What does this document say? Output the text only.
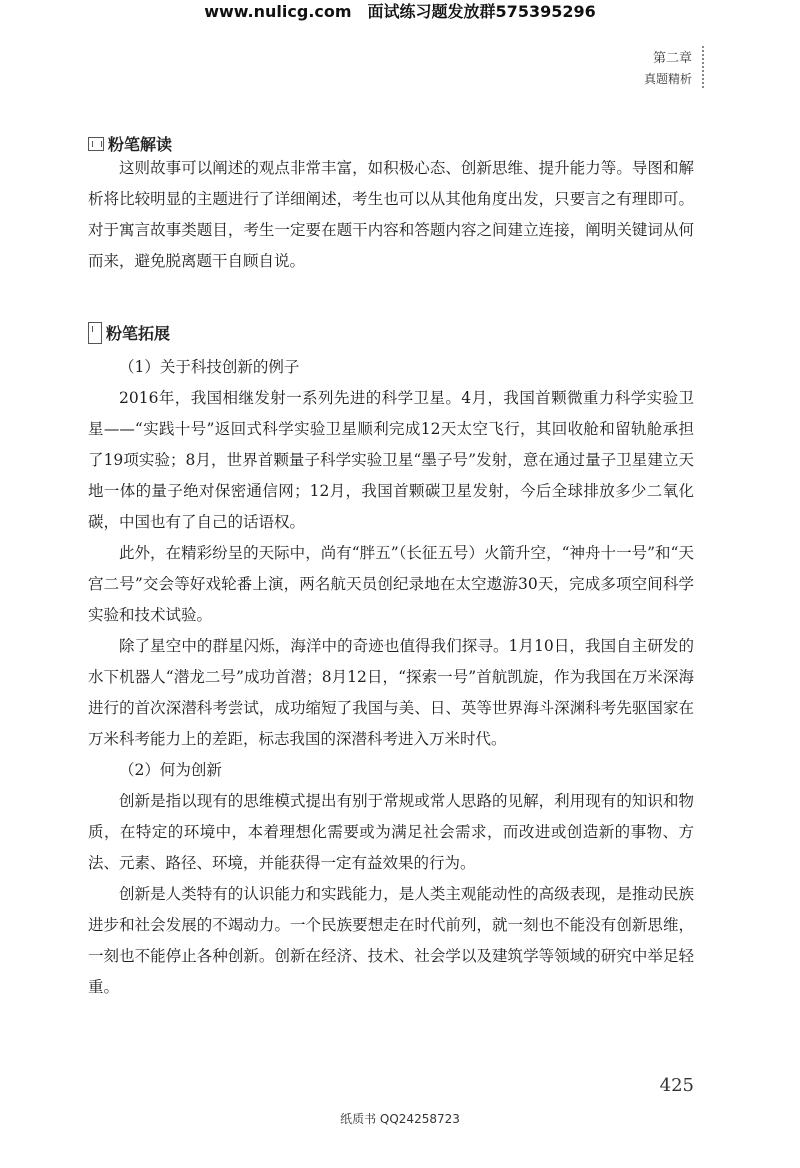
www.nulicg.com 面试练习题发放群575395296
第二章
真题精析
粉笔解读

这则故事可以阐述的观点非常丰富，如积极心态、创新思维、提升能力等。导图和解析将比较明显的主题进行了详细阐述，考生也可以从其他角度出发，只要言之有理即可。对于寓言故事类题目，考生一定要在题干内容和答题内容之间建立连接，阐明关键词从何而来，避免脱离题干自顾自说。

粉笔拓展

（1）关于科技创新的例子

2016年，我国相继发射一系列先进的科学卫星。4月，我国首颗微重力科学实验卫星——“实践十号”返回式科学实验卫星顺利完成12天太空飞行，其回收舱和留轨舱承担了19项实验；8月，世界首颗量子科学实验卫星“墨子号”发射，意在通过量子卫星建立天地一体的量子绝对保密通信网；12月，我国首颗碳卫星发射，今后全球排放多少二氧化碳，中国也有了自己的话语权。

此外，在精彩纷呈的天际中，尚有“胖五”（长征五号）火箭升空，“神舟十一号”和“天宫二号”交会等好戏轮番上演，两名航天员创纪录地在太空遨游30天，完成多项空间科学实验和技术试验。

除了星空中的群星闪烁，海洋中的奇迹也值得我们探寻。1月10日，我国自主研发的水下机器人“潜龙二号”成功首潜；8月12日，“探索一号”首航凯旋，作为我国在万米深海进行的首次深潜科考尝试，成功缩短了我国与美、日、英等世界海斗深渊科考先驱国家在万米科考能力上的差距，标志我国的深潜科考进入万米时代。

（2）何为创新

创新是指以现有的思维模式提出有别于常规或常人思路的见解，利用现有的知识和物质，在特定的环境中，本着理想化需要或为满足社会需求，而改进或创造新的事物、方法、元素、路径、环境，并能获得一定有益效果的行为。

创新是人类特有的认识能力和实践能力，是人类主观能动性的高级表现，是推动民族进步和社会发展的不竭动力。一个民族要想走在时代前列，就一刻也不能没有创新思维，一刻也不能停止各种创新。创新在经济、技术、社会学以及建筑学等领域的研究中举足轻重。

425
纸质书 QQ24258723
